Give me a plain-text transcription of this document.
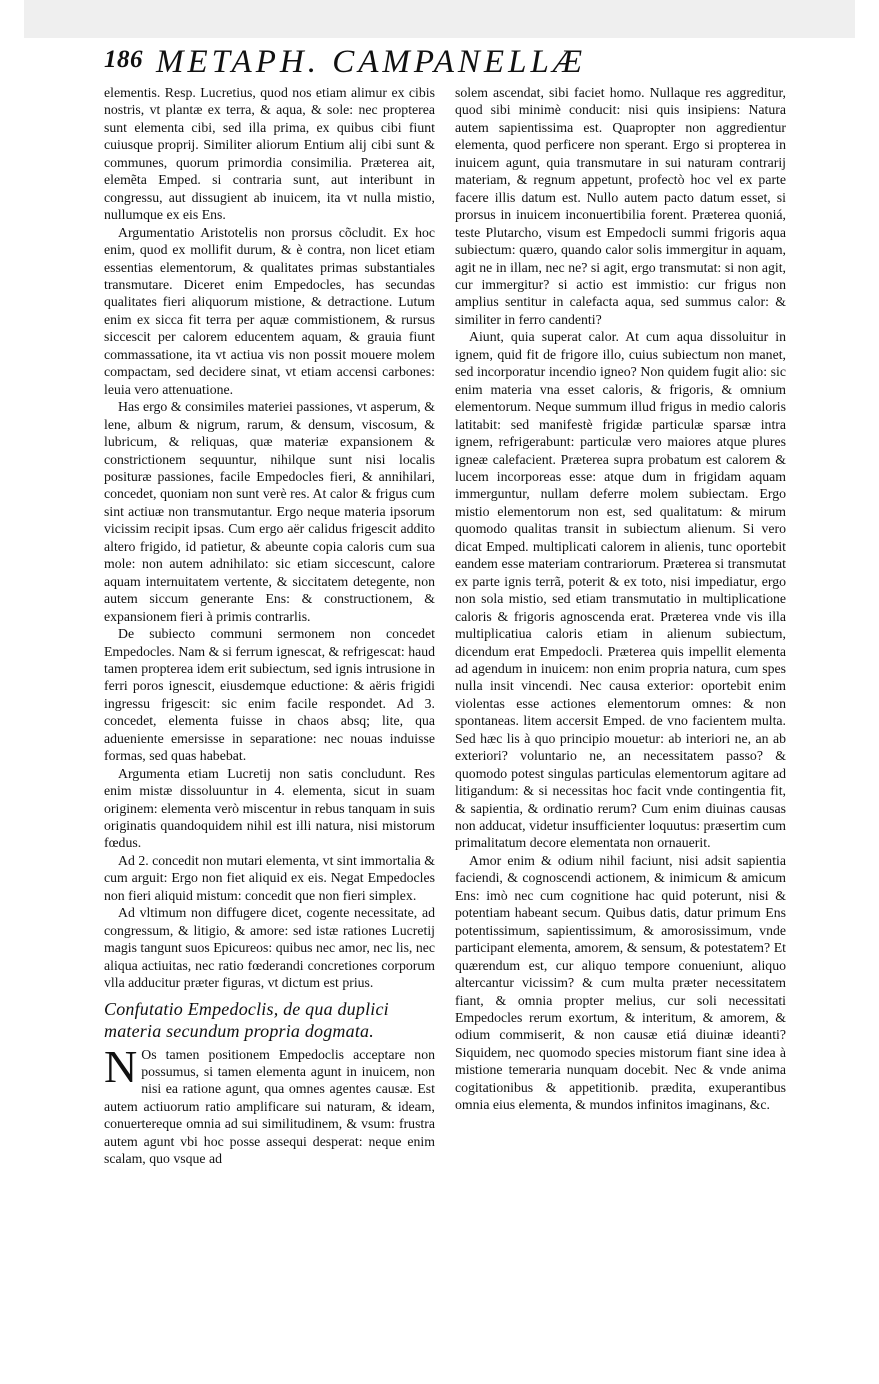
186 METAPH. CAMPANELLÆ

elementis. Resp. Lucretius, quod nos etiam alimur ex cibis nostris, vt plantæ ex terra, & aqua, & sole: nec propterea sunt elementa cibi, sed illa prima, ex quibus cibi fiunt cuiusque proprij. Similiter aliorum Entium alij cibi sunt & communes, quorum primordia consimilia. Præterea ait, elemẽta Emped. si contraria sunt, aut interibunt in congressu, aut dissugient ab inuicem, ita vt nulla mistio, nullumque ex eis Ens.

Argumentatio Aristotelis non prorsus cõcludit. Ex hoc enim, quod ex mollifit durum, & è contra, non licet etiam essentias elementorum, & qualitates primas substantiales transmutare. Diceret enim Empedocles, has secundas qualitates fieri aliquorum mistione, & detractione. Lutum enim ex sicca fit terra per aquæ commistionem, & rursus siccescit per calorem educentem aquam, & grauia fiunt commassatione, ita vt actiua vis non possit mouere molem compactam, sed decidere sinat, vt etiam accensi carbones: leuia vero attenuatione.

Has ergo & consimiles materiei passiones, vt asperum, & lene, album & nigrum, rarum, & densum, viscosum, & lubricum, & reliquas, quæ materiæ expansionem & constrictionem sequuntur, nihilque sunt nisi localis posituræ passiones, facile Empedocles fieri, & annihilari, concedet, quoniam non sunt verè res. At calor & frigus cum sint actiuæ non transmutantur. Ergo neque materia ipsorum vicissim recipit ipsas. Cum ergo aër calidus frigescit addito altero frigido, id patietur, & abeunte copia caloris cum sua mole: non autem adnihilato: sic etiam siccescunt, calore aquam internuitatem vertente, & siccitatem detegente, non autem siccum generante Ens: & constructionem, & expansionem fieri à primis contrarlis.

De subiecto communi sermonem non concedet Empedocles. Nam & si ferrum ignescat, & refrigescat: haud tamen propterea idem erit subiectum, sed ignis intrusione in ferri poros ignescit, eiusdemque eductione: & aëris frigidi ingressu frigescit: sic enim facile respondet. Ad 3. concedet, elementa fuisse in chaos absq; lite, qua adueniente emersisse in separatione: nec nouas induisse formas, sed quas habebat.

Argumenta etiam Lucretij non satis concludunt. Res enim mistæ dissoluuntur in 4. elementa, sicut in suam originem: elementa verò miscentur in rebus tanquam in suis originatis quandoquidem nihil est illi natura, nisi mistorum fœdus.

Ad 2. concedit non mutari elementa, vt sint immortalia & cum arguit: Ergo non fiet aliquid ex eis. Negat Empedocles non fieri aliquid mistum: concedit que non fieri simplex.

Ad vltimum non diffugere dicet, cogente necessitate, ad congressum, & litigio, & amore: sed istæ rationes Lucretij magis tangunt suos Epicureos: quibus nec amor, nec lis, nec aliqua actiuitas, nec ratio fœderandi concretiones corporum vlla adducitur præter figuras, vt dictum est prius.

Confutatio Empedoclis, de qua duplici materia secundum propria dogmata.

N Os tamen positionem Empedoclis acceptare non possumus, si tamen elementa agunt in inuicem, non nisi ea ratione agunt, qua omnes agentes causæ. Est autem actiuorum ratio amplificare sui naturam, & ideam, conuertereque omnia ad sui similitudinem, & vsum: frustra autem agunt vbi hoc posse assequi desperat: neque enim scalam, quo vsque ad

solem ascendat, sibi faciet homo. Nullaque res aggreditur, quod sibi minimè conducit: nisi quis insipiens: Natura autem sapientissima est. Quapropter non aggredientur elementa, quod perficere non sperant. Ergo si propterea in inuicem agunt, quia transmutare in sui naturam contrarij materiam, & regnum appetunt, profectò hoc vel ex parte facere illis datum est. Nullo autem pacto datum esset, si prorsus in inuicem inconuertibilia forent. Præterea quoniá, teste Plutarcho, visum est Empedocli summi frigoris aqua subiectum: quæro, quando calor solis immergitur in aquam, agit ne in illam, nec ne? si agit, ergo transmutat: si non agit, cur immergitur? si actio est immistio: cur frigus non amplius sentitur in calefacta aqua, sed summus calor: & similiter in ferro candenti?

Aiunt, quia superat calor. At cum aqua dissoluitur in ignem, quid fit de frigore illo, cuius subiectum non manet, sed incorporatur incendio igneo? Non quidem fugit alio: sic enim materia vna esset caloris, & frigoris, & omnium elementorum. Neque summum illud frigus in medio caloris latitabit: sed manifestè frigidæ particulæ sparsæ intra ignem, refrigerabunt: particulæ vero maiores atque plures igneæ calefacient. Præterea supra probatum est calorem & lucem incorporeas esse: atque dum in frigidam aquam immerguntur, nullam deferre molem subiectam. Ergo mistio elementorum non est, sed qualitatum: & mirum quomodo qualitas transit in subiectum alienum. Si vero dicat Emped. multiplicati calorem in alienis, tunc oportebit eandem esse materiam contrariorum. Præterea si transmutat ex parte ignis terrã, poterit & ex toto, nisi impediatur, ergo non sola mistio, sed etiam transmutatio in multiplicatione caloris & frigoris agnoscenda erat. Præterea vnde vis illa multiplicatiua caloris etiam in alienum subiectum, dicendum erat Empedocli. Præterea quis impellit elementa ad agendum in inuicem: non enim propria natura, cum spes nulla insit vincendi. Nec causa exterior: oportebit enim violentas esse actiones elementorum omnes: & non spontaneas. litem accersit Emped. de vno facientem multa. Sed hæc lis à quo principio mouetur: ab interiori ne, an ab exteriori? voluntario ne, an necessitatem passo? & quomodo potest singulas particulas elementorum agitare ad litigandum: & si necessitas hoc facit vnde contingentia fit, & sapientia, & ordinatio rerum? Cum enim diuinas causas non adducat, videtur insufficienter loquutus: præsertim cum primalitatum decore elementata non ornauerit.

Amor enim & odium nihil faciunt, nisi adsit sapientia faciendi, & cognoscendi actionem, & inimicum & amicum Ens: imò nec cum cognitione hac quid poterunt, nisi & potentiam habeant secum. Quibus datis, datur primum Ens potentissimum, sapientissimum, & amorosissimum, vnde participant elementa, amorem, & sensum, & potestatem? Et quærendum est, cur aliquo tempore conueniunt, aliquo altercantur vicissim? & cum multa præter necessitatem fiant, & omnia propter melius, cur soli necessitati Empedocles rerum exortum, & interitum, & amorem, & odium commiserit, & non causæ etiá diuinæ ideanti? Siquidem, nec quomodo species mistorum fiant sine idea à mistione temeraria nunquam docebit. Nec & vnde anima cogitationibus & appetitionib. prædita, exuperantibus omnia eius elementa, & mundos infinitos imaginans, &c.
